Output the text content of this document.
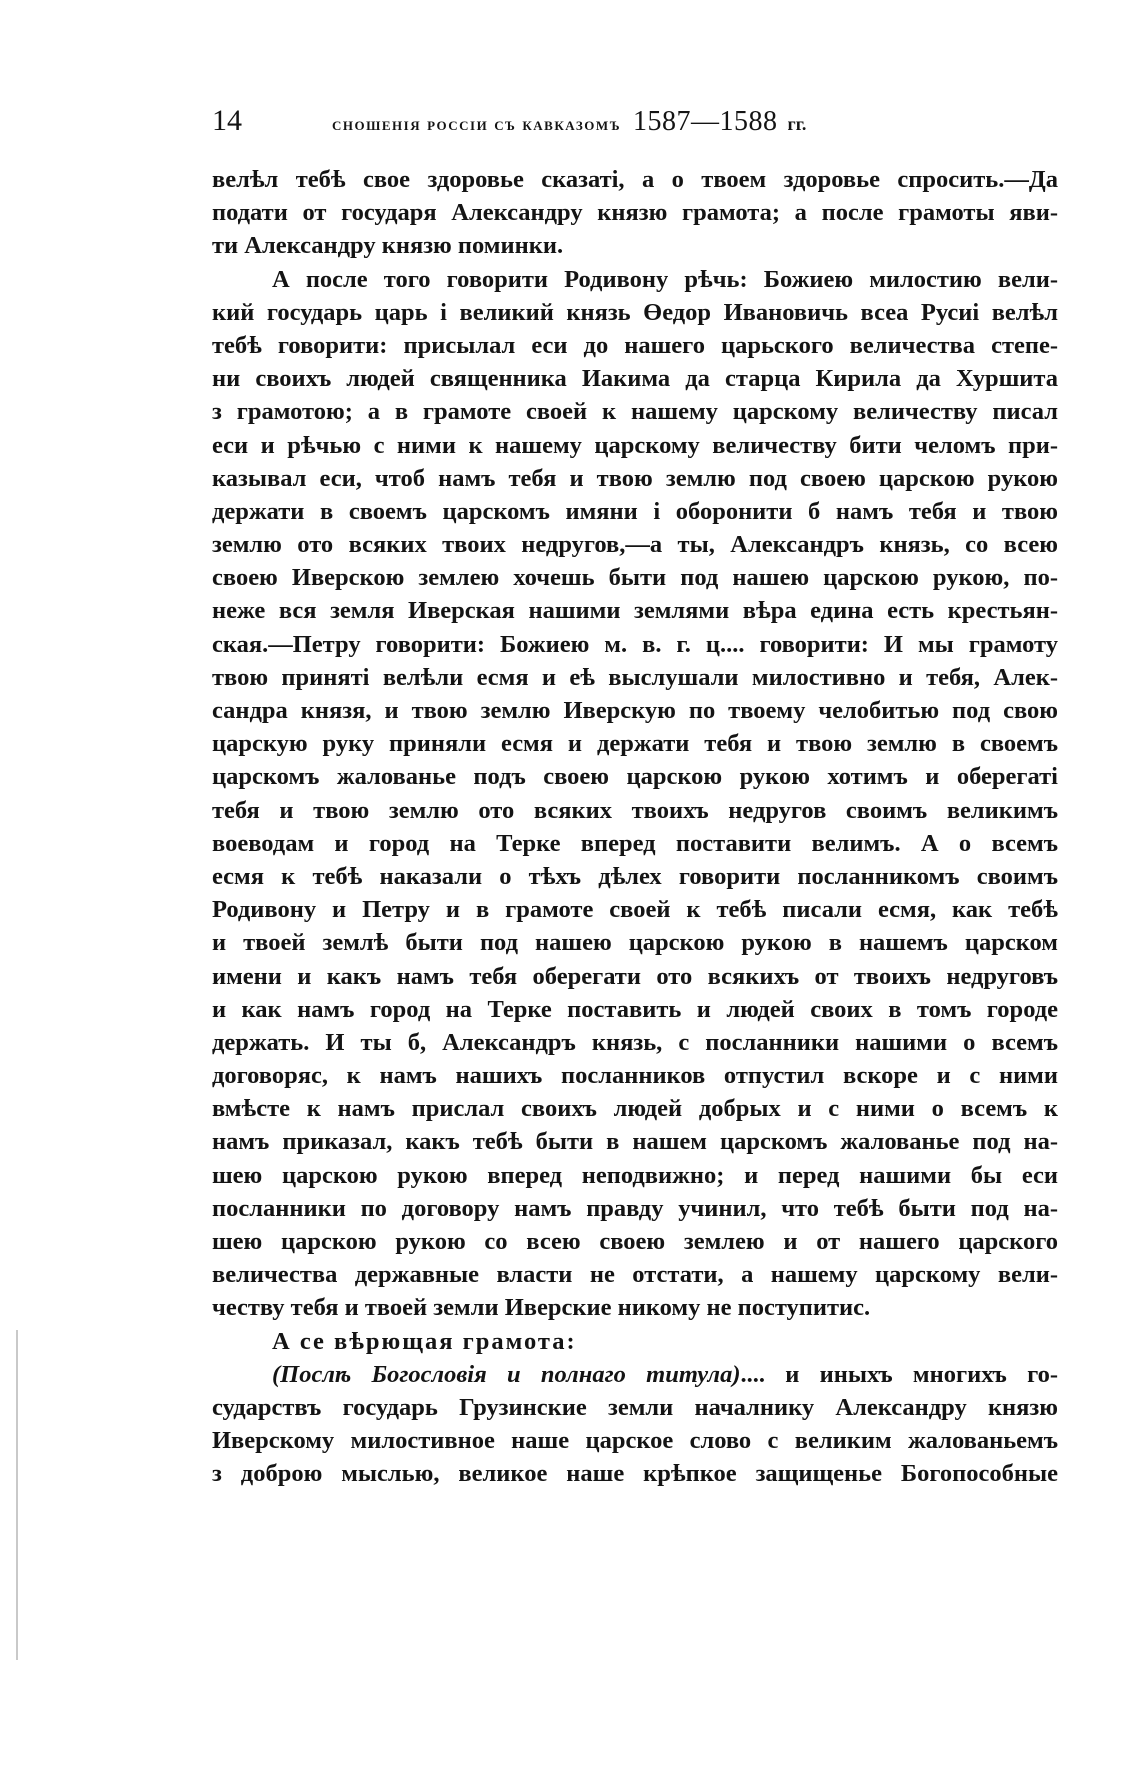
14	сношенія россіи съ кавказомъ 1587—1588 гг.
велѣл тебѣ свое здоровье сказатi, а о твоем здоровье спросить.—Да
подати от государя Александру князю грамота; а после грамоты яви-
ти Александру князю поминки.
А после того говорити Родивону рѣчь: Божиею милостию вели-
кий государь царь і великий князь Өедор Ивановичь всеа Русиi велѣл
тебѣ говорити: присылал еси до нашего царьского величества степе-
ни своихъ людей священника Иакима да старца Кирила да Хуршита
з грамотою; а в грамоте своей к нашему царскому величеству писал
еси и рѣчью с ними к нашему царскому величеству бити челомъ при-
казывал еси, чтоб намъ тебя и твою землю под своею царскою рукою
держати в своемъ царскомъ имяни і оборонити б намъ тебя и твою
землю ото всяких твоих недругов,—а ты, Александръ князь, со всею
своею Иверскою землею хочешь быти под нашею царскою рукою, по-
неже вся земля Иверская нашими землями вѣра едина есть крестьян-
ская.—Петру говорити: Божиею м. в. г. ц.... говорити: И мы грамоту
твою приняті велѣли есмя и еѣ выслушали милостивно и тебя, Алек-
сандра князя, и твою землю Иверскую по твоему челобитью под свою
царскую руку приняли есмя и держати тебя и твою землю в своемъ
царскомъ жалованье подъ своею царскою рукою хотимъ и оберегатi
тебя и твою землю ото всяких твоихъ недругов своимъ великимъ
воеводам и город на Терке вперед поставити велимъ. А о всемъ
есмя к тебѣ наказали о тѣхъ дѣлех говорити посланникомъ своимъ
Родивону и Петру и в грамоте своей к тебѣ писали есмя, как тебѣ
и твоей землѣ быти под нашею царскою рукою в нашемъ царском
имени и какъ намъ тебя оберегати ото всякихъ от твоихъ недруговъ
и как намъ город на Терке поставить и людей своих в томъ городе
держать. И ты б, Александръ князь, с посланники нашими о всемъ
договоряс, к намъ нашихъ посланников отпустил вскоре и с ними
вмѣсте к намъ прислал своихъ людей добрых и с ними о всемъ к
намъ приказал, какъ тебѣ быти в нашем царскомъ жалованье под на-
шею царскою рукою вперед неподвижно; и перед нашими бы еси
посланники по договору намъ правду учинил, что тебѣ быти под на-
шею царскою рукою со всею своею землею и от нашего царского
величества державные власти не отстати, а нашему царскому вели-
честву тебя и твоей земли Иверские никому не поступитис.
А се вѣрющая грамота:
(Послѣ Богословія и полнаго титула).... и иныхъ многихъ го-
сударствъ государь Грузинские земли началнику Александру князю
Иверскому милостивное наше царское слово с великим жалованьемъ
з доброю мыслью, великое наше крѣпкое защищенье Богопособные
